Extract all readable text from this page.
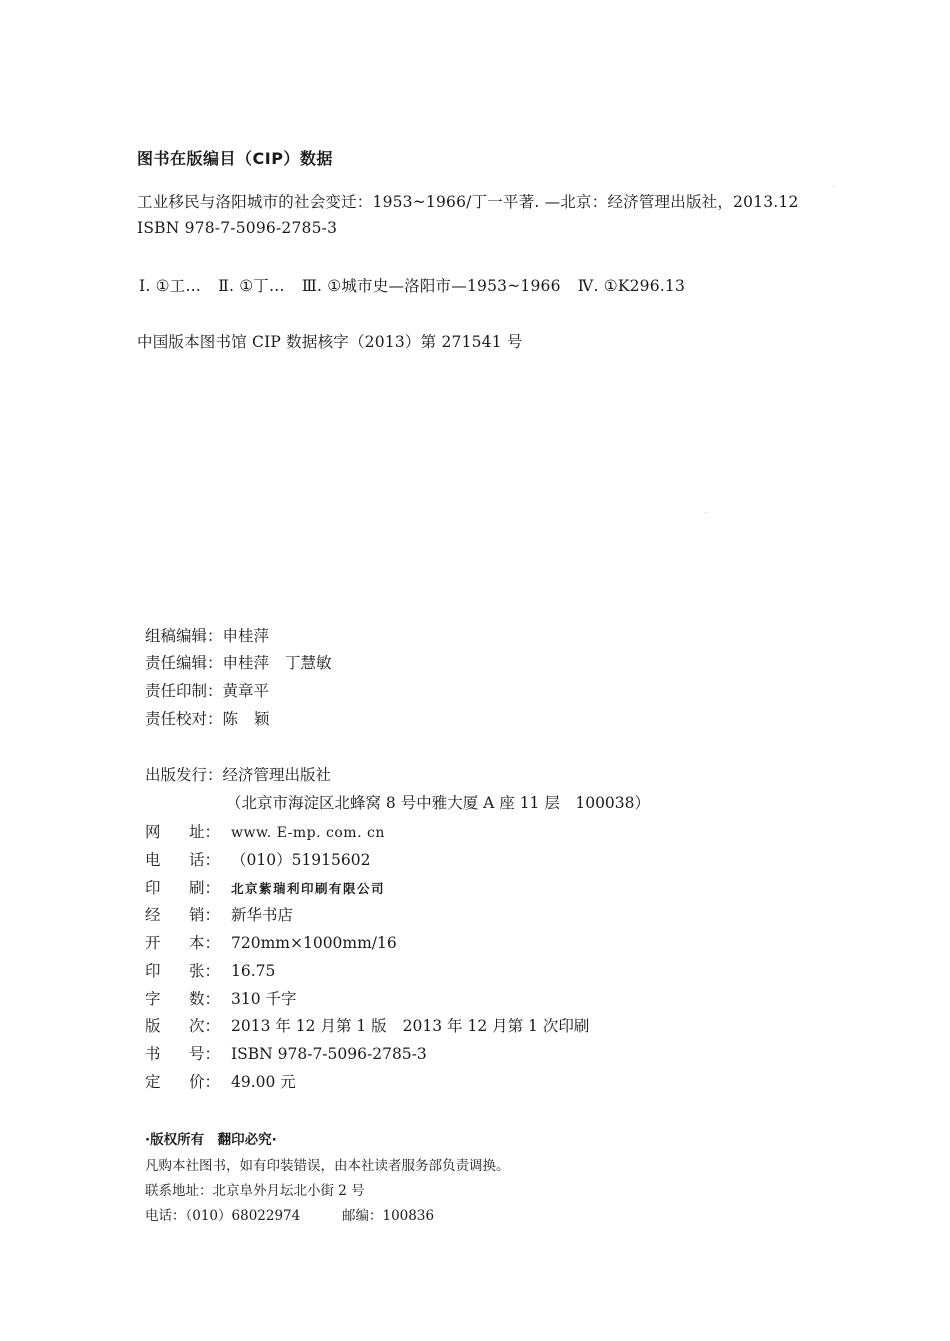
图书在版编目（CIP）数据
工业移民与洛阳城市的社会变迁：1953~1966/丁一平著. —北京：经济管理出版社，2013.12
ISBN 978-7-5096-2785-3
Ⅰ. ①工… Ⅱ. ①丁… Ⅲ. ①城市史—洛阳市—1953~1966 Ⅳ. ①K296.13
中国版本图书馆 CIP 数据核字（2013）第 271541 号
组稿编辑：申桂萍
责任编辑：申桂萍 丁慧敏
责任印制：黄章平
责任校对：陈 颖
出版发行：经济管理出版社
（北京市海淀区北蜂窝 8 号中雅大厦 A 座 11 层　100038）
网 址： www. E-mp. com. cn
电 话： （010）51915602
印 刷： 北京紫瑞利印刷有限公司
经 销： 新华书店
开 本： 720mm×1000mm/16
印 张： 16.75
字 数： 310 千字
版 次： 2013 年 12 月第 1 版 2013 年 12 月第 1 次印刷
书 号： ISBN 978-7-5096-2785-3
定 价： 49.00 元
·版权所有　翻印必究·
凡购本社图书，如有印装错误，由本社读者服务部负责调换。
联系地址：北京阜外月坛北小街 2 号
电话：（010）68022974	邮编：100836
